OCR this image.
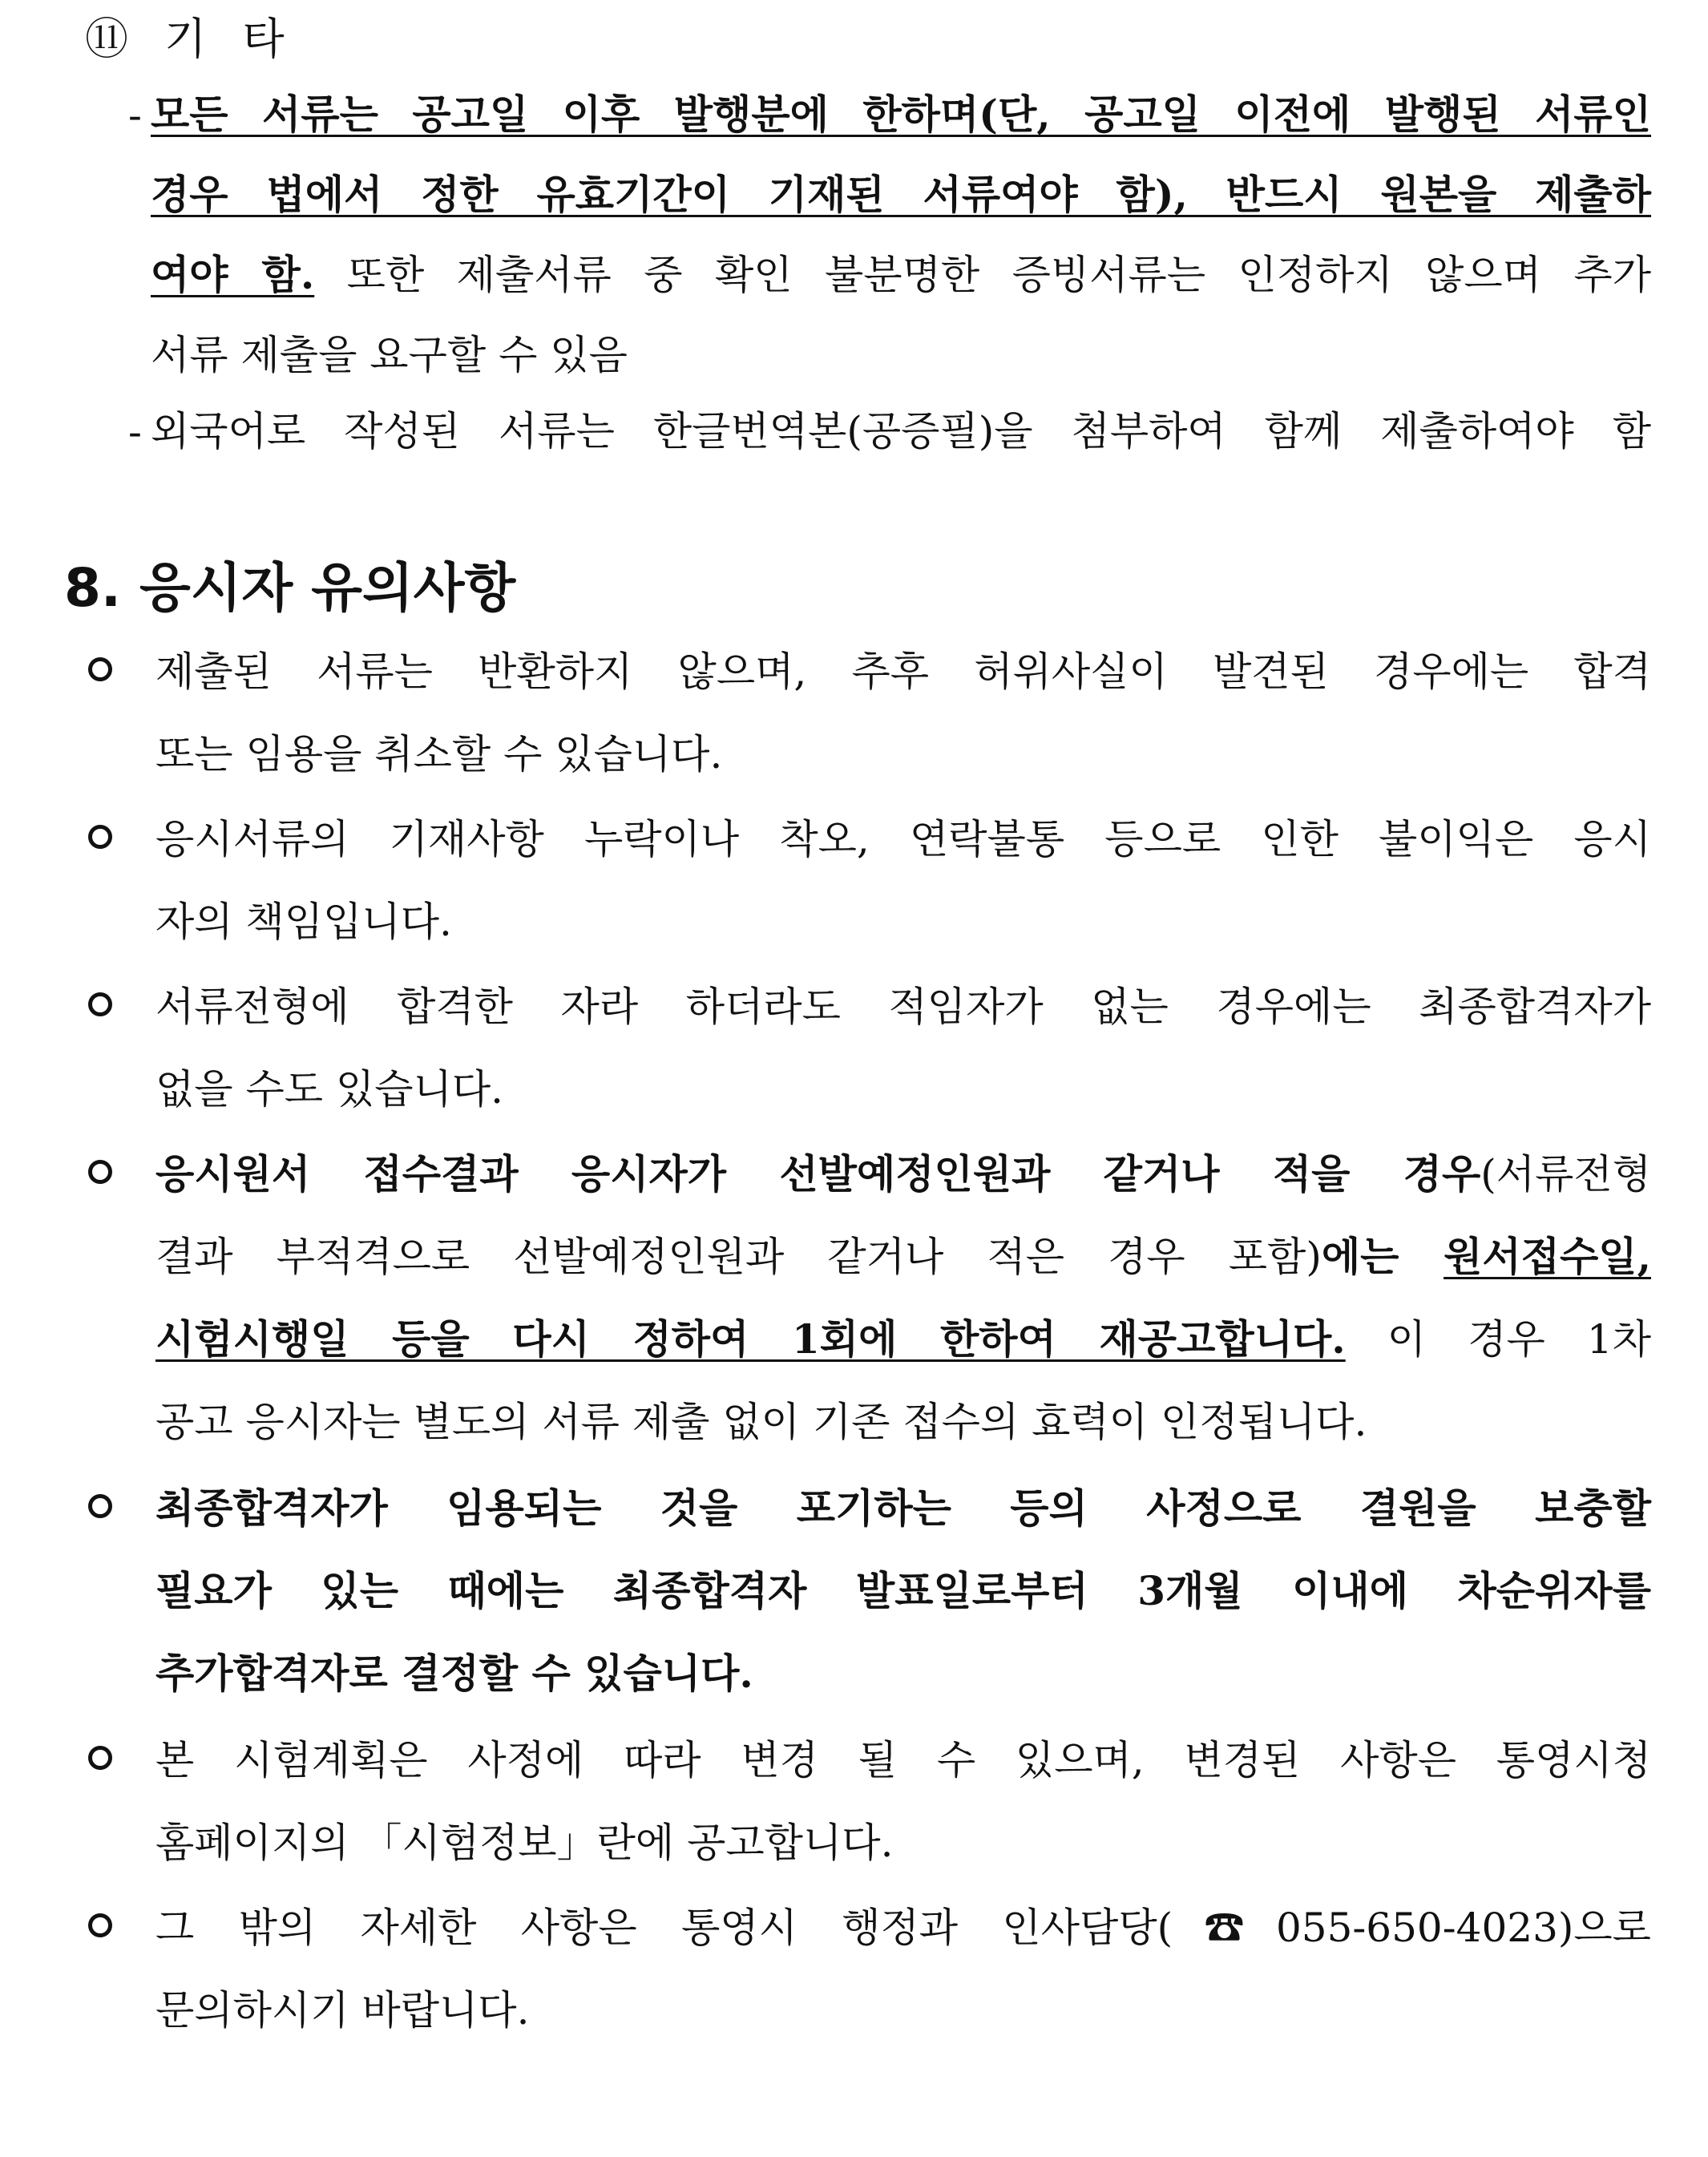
⑪ 기 타
- 모든 서류는 공고일 이후 발행분에 한하며(단, 공고일 이전에 발행된 서류인
경우 법에서 정한 유효기간이 기재된 서류여야 함), 반드시 원본을 제출하
여야 함. 또한 제출서류 중 확인 불분명한 증빙서류는 인정하지 않으며 추가
서류 제출을 요구할 수 있음
- 외국어로 작성된 서류는 한글번역본(공증필)을 첨부하여 함께 제출하여야 함
8. 응시자 유의사항
제출된 서류는 반환하지 않으며, 추후 허위사실이 발견된 경우에는 합격
또는 임용을 취소할 수 있습니다.
응시서류의 기재사항 누락이나 착오, 연락불통 등으로 인한 불이익은 응시
자의 책임입니다.
서류전형에 합격한 자라 하더라도 적임자가 없는 경우에는 최종합격자가
없을 수도 있습니다.
응시원서 접수결과 응시자가 선발예정인원과 같거나 적을 경우(서류전형
결과 부적격으로 선발예정인원과 같거나 적은 경우 포함)에는 원서접수일,
시험시행일 등을 다시 정하여 1회에 한하여 재공고합니다. 이 경우 1차
공고 응시자는 별도의 서류 제출 없이 기존 접수의 효력이 인정됩니다.
최종합격자가 임용되는 것을 포기하는 등의 사정으로 결원을 보충할
필요가 있는 때에는 최종합격자 발표일로부터 3개월 이내에 차순위자를
추가합격자로 결정할 수 있습니다.
본 시험계획은 사정에 따라 변경 될 수 있으며, 변경된 사항은 통영시청
홈페이지의 「시험정보」란에 공고합니다.
그 밖의 자세한 사항은 통영시 행정과 인사담당(☎055-650-4023)으로
문의하시기 바랍니다.
